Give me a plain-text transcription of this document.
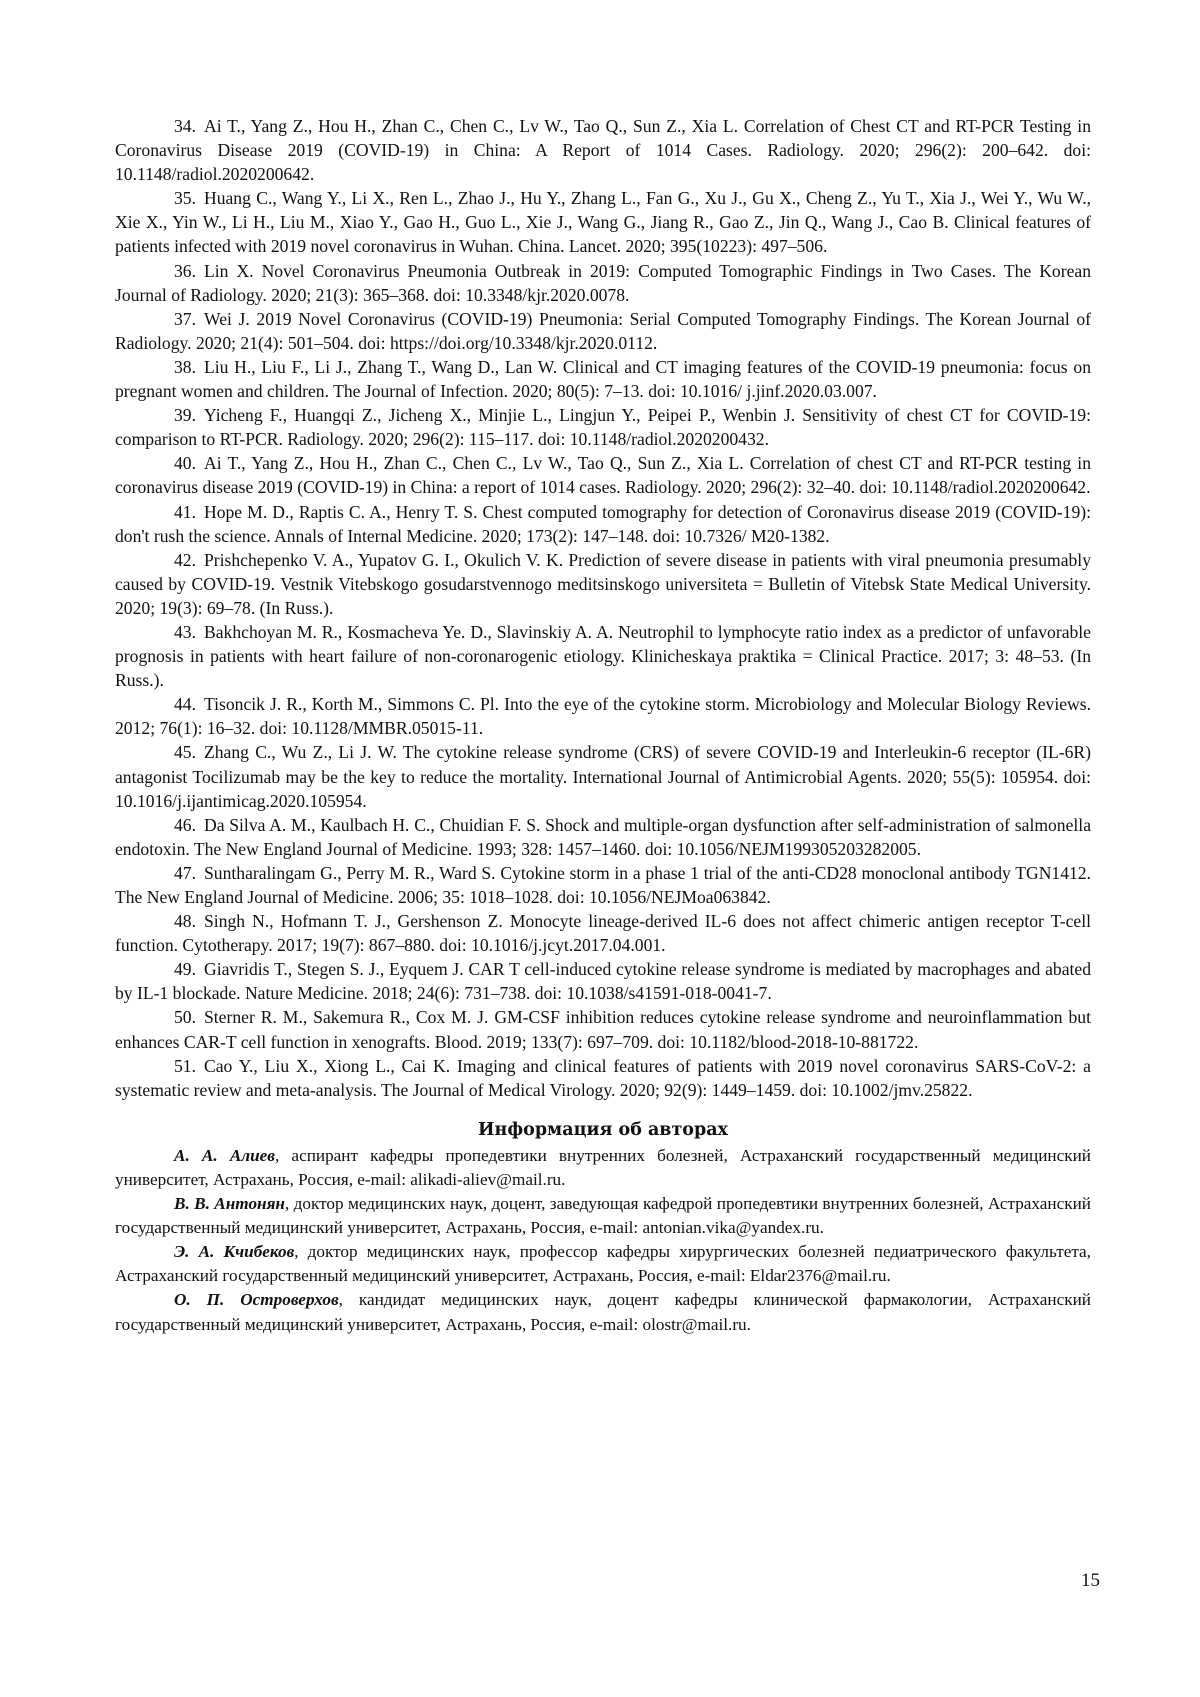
34. Ai T., Yang Z., Hou H., Zhan C., Chen C., Lv W., Tao Q., Sun Z., Xia L. Correlation of Chest CT and RT-PCR Testing in Coronavirus Disease 2019 (COVID-19) in China: A Report of 1014 Cases. Radiology. 2020; 296(2): 200–642. doi: 10.1148/radiol.2020200642.

35. Huang C., Wang Y., Li X., Ren L., Zhao J., Hu Y., Zhang L., Fan G., Xu J., Gu X., Cheng Z., Yu T., Xia J., Wei Y., Wu W., Xie X., Yin W., Li H., Liu M., Xiao Y., Gao H., Guo L., Xie J., Wang G., Jiang R., Gao Z., Jin Q., Wang J., Cao B. Clinical features of patients infected with 2019 novel coronavirus in Wuhan. China. Lancet. 2020; 395(10223): 497–506.

36. Lin X. Novel Coronavirus Pneumonia Outbreak in 2019: Computed Tomographic Findings in Two Cases. The Korean Journal of Radiology. 2020; 21(3): 365–368. doi: 10.3348/kjr.2020.0078.

37. Wei J. 2019 Novel Coronavirus (COVID-19) Pneumonia: Serial Computed Tomography Findings. The Korean Journal of Radiology. 2020; 21(4): 501–504. doi: https://doi.org/10.3348/kjr.2020.0112.

38. Liu H., Liu F., Li J., Zhang T., Wang D., Lan W. Clinical and CT imaging features of the COVID-19 pneumonia: focus on pregnant women and children. The Journal of Infection. 2020; 80(5): 7–13. doi: 10.1016/ j.jinf.2020.03.007.

39. Yicheng F., Huangqi Z., Jicheng X., Minjie L., Lingjun Y., Peipei P., Wenbin J. Sensitivity of chest CT for COVID-19: comparison to RT-PCR. Radiology. 2020; 296(2): 115–117. doi: 10.1148/radiol.2020200432.

40. Ai T., Yang Z., Hou H., Zhan C., Chen C., Lv W., Tao Q., Sun Z., Xia L. Correlation of chest CT and RT-PCR testing in coronavirus disease 2019 (COVID-19) in China: a report of 1014 cases. Radiology. 2020; 296(2): 32–40. doi: 10.1148/radiol.2020200642.

41. Hope M. D., Raptis C. A., Henry T. S. Chest computed tomography for detection of Coronavirus disease 2019 (COVID-19): don't rush the science. Annals of Internal Medicine. 2020; 173(2): 147–148. doi: 10.7326/ M20-1382.

42. Prishchepenko V. A., Yupatov G. I., Okulich V. K. Prediction of severe disease in patients with viral pneumonia presumably caused by COVID-19. Vestnik Vitebskogo gosudarstvennogo meditsinskogo universiteta = Bulletin of Vitebsk State Medical University. 2020; 19(3): 69–78. (In Russ.).

43. Bakhchoyan M. R., Kosmacheva Ye. D., Slavinskiy A. A. Neutrophil to lymphocyte ratio index as a predictor of unfavorable prognosis in patients with heart failure of non-coronarogenic etiology. Klinicheskaya praktika = Clinical Practice. 2017; 3: 48–53. (In Russ.).

44. Tisoncik J. R., Korth M., Simmons C. Pl. Into the eye of the cytokine storm. Microbiology and Molecular Biology Reviews. 2012; 76(1): 16–32. doi: 10.1128/MMBR.05015-11.

45. Zhang C., Wu Z., Li J. W. The cytokine release syndrome (CRS) of severe COVID-19 and Interleukin-6 receptor (IL-6R) antagonist Tocilizumab may be the key to reduce the mortality. International Journal of Antimicrobial Agents. 2020; 55(5): 105954. doi: 10.1016/j.ijantimicag.2020.105954.

46. Da Silva A. M., Kaulbach H. C., Chuidian F. S. Shock and multiple-organ dysfunction after self-administration of salmonella endotoxin. The New England Journal of Medicine. 1993; 328: 1457–1460. doi: 10.1056/NEJM199305203282005.

47. Suntharalingam G., Perry M. R., Ward S. Cytokine storm in a phase 1 trial of the anti-CD28 monoclonal antibody TGN1412. The New England Journal of Medicine. 2006; 35: 1018–1028. doi: 10.1056/NEJMoa063842.

48. Singh N., Hofmann T. J., Gershenson Z. Monocyte lineage-derived IL-6 does not affect chimeric antigen receptor T-cell function. Cytotherapy. 2017; 19(7): 867–880. doi: 10.1016/j.jcyt.2017.04.001.

49. Giavridis T., Stegen S. J., Eyquem J. CAR T cell-induced cytokine release syndrome is mediated by macrophages and abated by IL-1 blockade. Nature Medicine. 2018; 24(6): 731–738. doi: 10.1038/s41591-018-0041-7.

50. Sterner R. M., Sakemura R., Cox M. J. GM-CSF inhibition reduces cytokine release syndrome and neuroinflammation but enhances CAR-T cell function in xenografts. Blood. 2019; 133(7): 697–709. doi: 10.1182/blood-2018-10-881722.

51. Cao Y., Liu X., Xiong L., Cai K. Imaging and clinical features of patients with 2019 novel coronavirus SARS-CoV-2: a systematic review and meta-analysis. The Journal of Medical Virology. 2020; 92(9): 1449–1459. doi: 10.1002/jmv.25822.

Информация об авторах

А. А. Алиев, аспирант кафедры пропедевтики внутренних болезней, Астраханский государственный медицинский университет, Астрахань, Россия, e-mail: alikadi-aliev@mail.ru.

В. В. Антонян, доктор медицинских наук, доцент, заведующая кафедрой пропедевтики внутренних болезней, Астраханский государственный медицинский университет, Астрахань, Россия, e-mail: antonian.vika@yandex.ru.

Э. А. Кчибеков, доктор медицинских наук, профессор кафедры хирургических болезней педиатрического факультета, Астраханский государственный медицинский университет, Астрахань, Россия, e-mail: Eldar2376@mail.ru.

О. П. Островерхов, кандидат медицинских наук, доцент кафедры клинической фармакологии, Астраханский государственный медицинский университет, Астрахань, Россия, e-mail: olostr@mail.ru.

15
